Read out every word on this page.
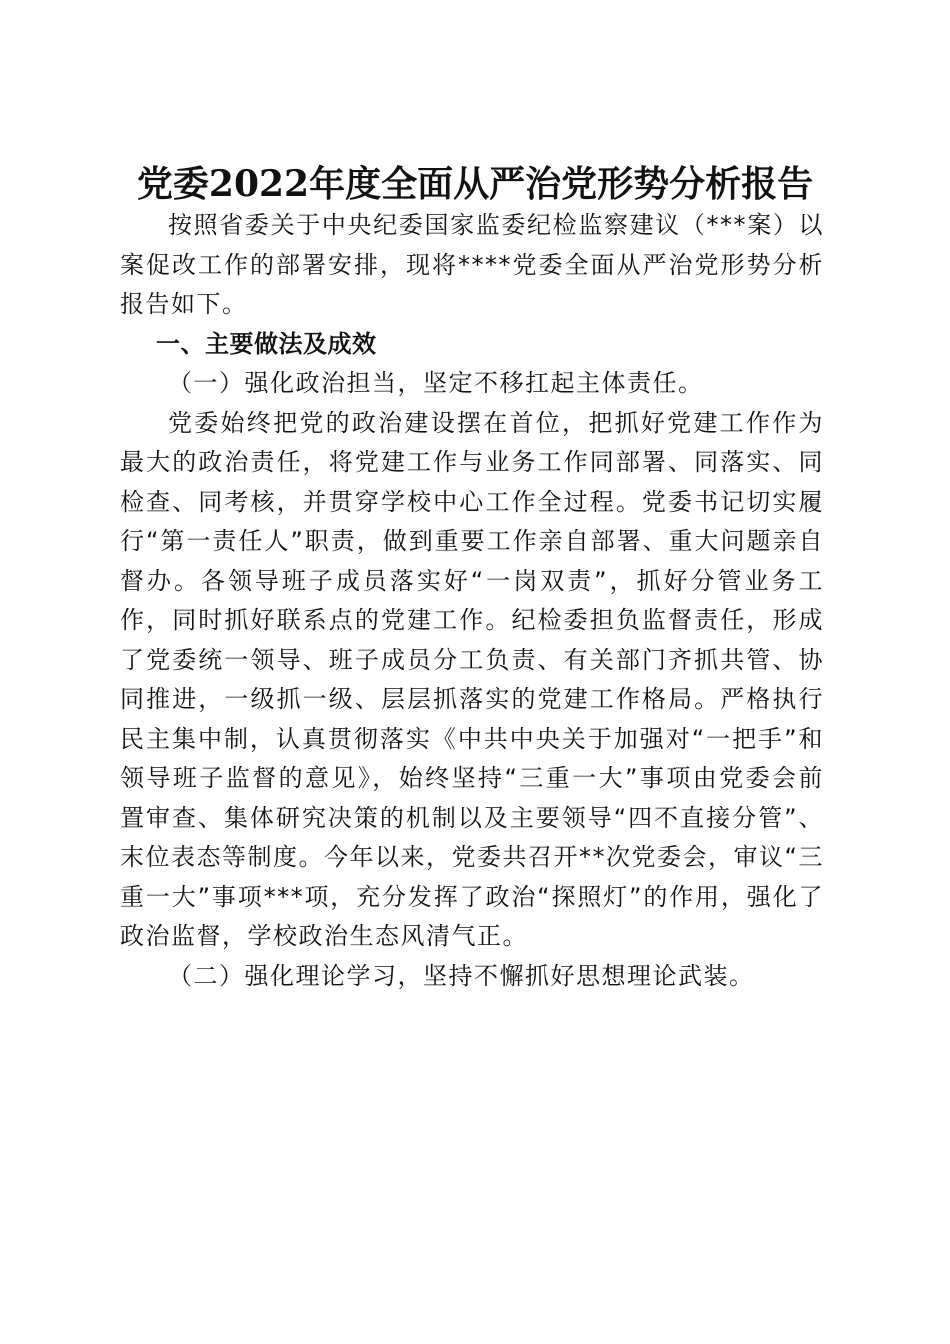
党委2022年度全面从严治党形势分析报告

按照省委关于中央纪委国家监委纪检监察建议（***案）以案促改工作的部署安排，现将****党委全面从严治党形势分析报告如下。

一、主要做法及成效

（一）强化政治担当，坚定不移扛起主体责任。

党委始终把党的政治建设摆在首位，把抓好党建工作作为最大的政治责任，将党建工作与业务工作同部署、同落实、同检查、同考核，并贯穿学校中心工作全过程。党委书记切实履行“第一责任人”职责，做到重要工作亲自部署、重大问题亲自督办。各领导班子成员落实好“一岗双责”，抓好分管业务工作，同时抓好联系点的党建工作。纪检委担负监督责任，形成了党委统一领导、班子成员分工负责、有关部门齐抓共管、协同推进，一级抓一级、层层抓落实的党建工作格局。严格执行民主集中制，认真贯彻落实《中共中央关于加强对“一把手”和领导班子监督的意见》，始终坚持“三重一大”事项由党委会前置审查、集体研究决策的机制以及主要领导“四不直接分管”、末位表态等制度。今年以来，党委共召开**次党委会，审议“三重一大”事项***项，充分发挥了政治“探照灯”的作用，强化了政治监督，学校政治生态风清气正。

（二）强化理论学习，坚持不懈抓好思想理论武装。
